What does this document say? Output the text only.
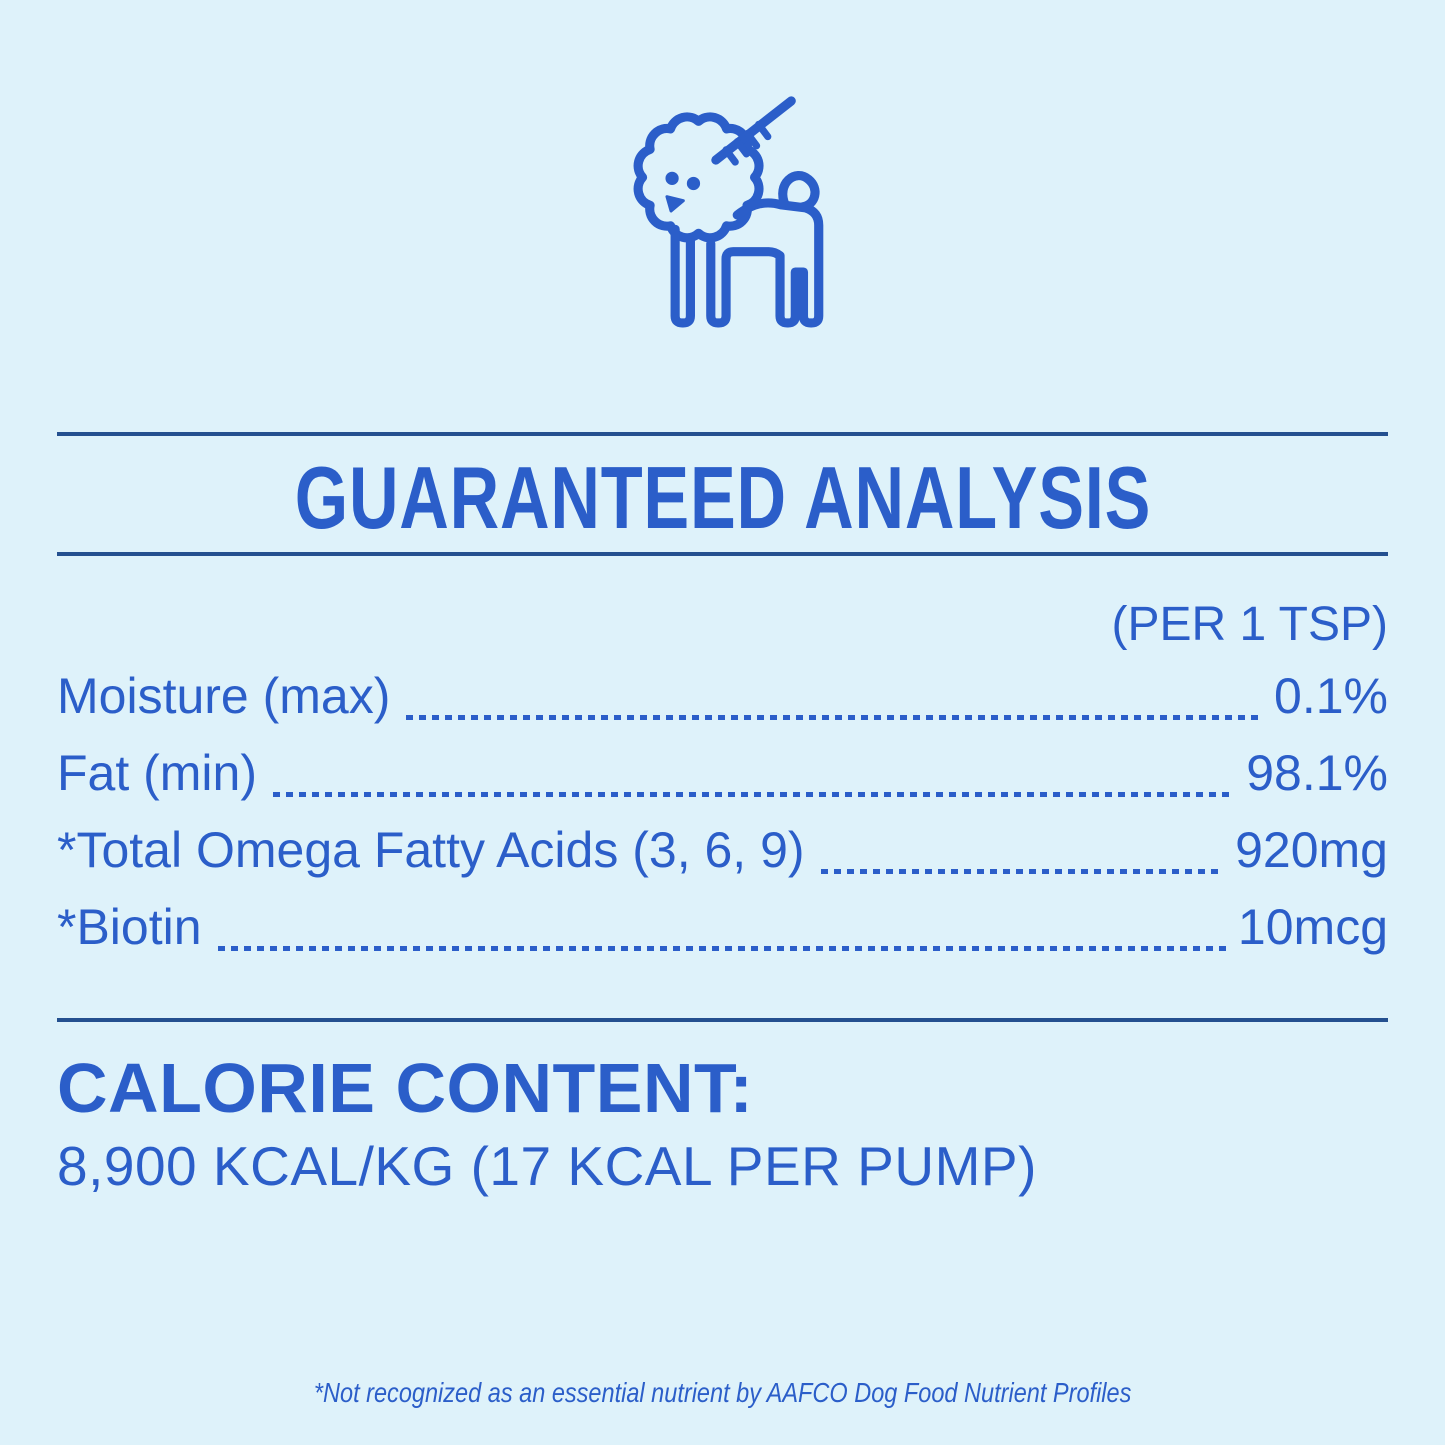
GUARANTEED ANALYSIS
(PER 1 TSP)
Moisture (max)	0.1%
Fat (min)	98.1%
*Total Omega Fatty Acids (3, 6, 9)	920mg
*Biotin	10mcg
CALORIE CONTENT:
8,900 KCAL/KG (17 KCAL PER PUMP)
*Not recognized as an essential nutrient by AAFCO Dog Food Nutrient Profiles
